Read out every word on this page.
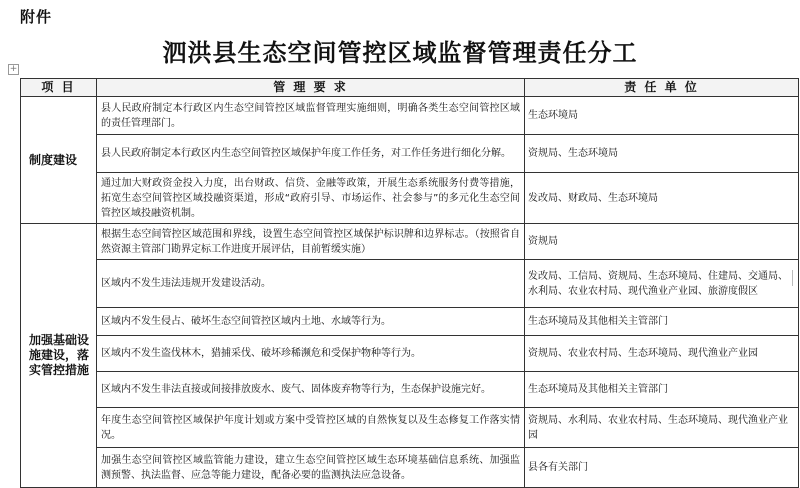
附件
+
泗洪县生态空间管控区域监督管理责任分工
项 目	管 理 要 求	责 任 单 位
制度建设	县人民政府制定本行政区内生态空间管控区域监督管理实施细则，明确各类生态空间管控区域的责任管理部门。	生态环境局
	县人民政府制定本行政区内生态空间管控区域保护年度工作任务，对工作任务进行细化分解。	资规局、生态环境局
	通过加大财政资金投入力度，出台财政、信贷、金融等政策，开展生态系统服务付费等措施，拓宽生态空间管控区域投融资渠道，形成“政府引导、市场运作、社会参与”的多元化生态空间管控区域投融资机制。	发改局、财政局、生态环境局
加强基础设施建设，落实管控措施	根据生态空间管控区域范围和界线，设置生态空间管控区域保护标识牌和边界标志。（按照省自然资源主管部门勘界定标工作进度开展评估，目前暂缓实施）	资规局
	区域内不发生违法违规开发建设活动。	发改局、工信局、资规局、生态环境局、住建局、交通局、水利局、农业农村局、现代渔业产业园、旅游度假区
	区域内不发生侵占、破坏生态空间管控区域内土地、水域等行为。	生态环境局及其他相关主管部门
	区域内不发生盗伐林木，猎捕采伐、破坏珍稀濒危和受保护物种等行为。	资规局、农业农村局、生态环境局、现代渔业产业园
	区域内不发生非法直接或间接排放废水、废气、固体废弃物等行为，生态保护设施完好。	生态环境局及其他相关主管部门
	年度生态空间管控区域保护年度计划或方案中受管控区域的自然恢复以及生态修复工作落实情况。	资规局、水利局、农业农村局、生态环境局、现代渔业产业园
	加强生态空间管控区域监管能力建设，建立生态空间管控区域生态环境基础信息系统、加强监测预警、执法监督、应急等能力建设，配备必要的监测执法应急设备。	县各有关部门
